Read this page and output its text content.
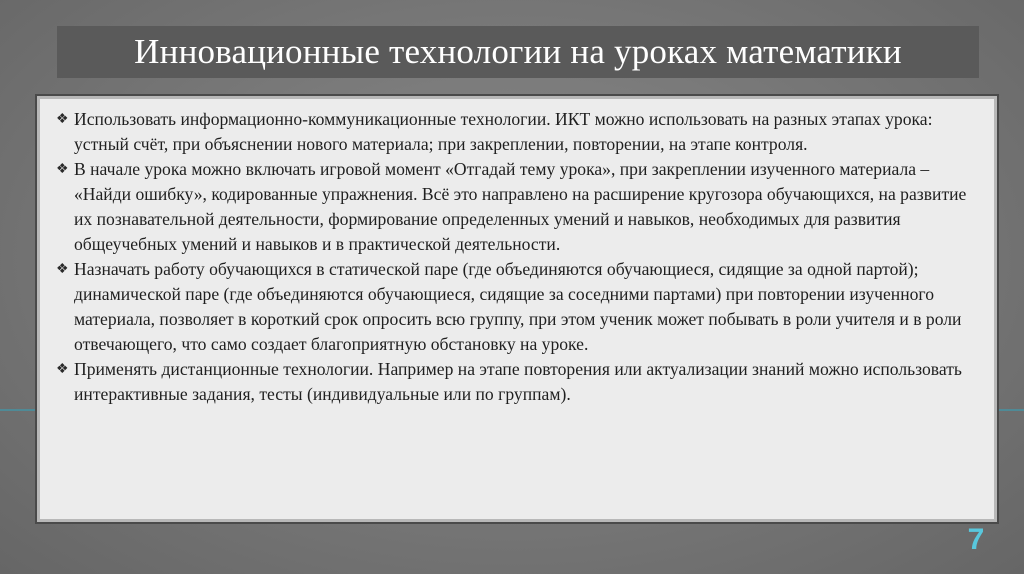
Инновационные технологии на уроках математики
❖ Использовать информационно-коммуникационные технологии. ИКТ можно использовать на разных этапах урока: устный счёт, при объяснении нового материала; при закреплении, повторении, на этапе контроля.
❖ В начале урока можно включать игровой момент «Отгадай тему урока», при закреплении изученного материала – «Найди ошибку», кодированные упражнения. Всё это направлено на расширение кругозора обучающихся, на развитие их познавательной деятельности, формирование определенных умений и навыков, необходимых для развития общеучебных умений и навыков и в практической деятельности.
❖ Назначать работу обучающихся в статической паре (где объединяются обучающиеся, сидящие за одной партой); динамической паре (где объединяются обучающиеся, сидящие за соседними партами) при повторении изученного материала, позволяет в короткий срок опросить всю группу, при этом ученик может побывать в роли учителя и в роли отвечающего, что само создает благоприятную обстановку на уроке.
❖ Применять дистанционные технологии. Например на этапе повторения или актуализации знаний можно использовать интерактивные задания, тесты (индивидуальные или по группам).
7
